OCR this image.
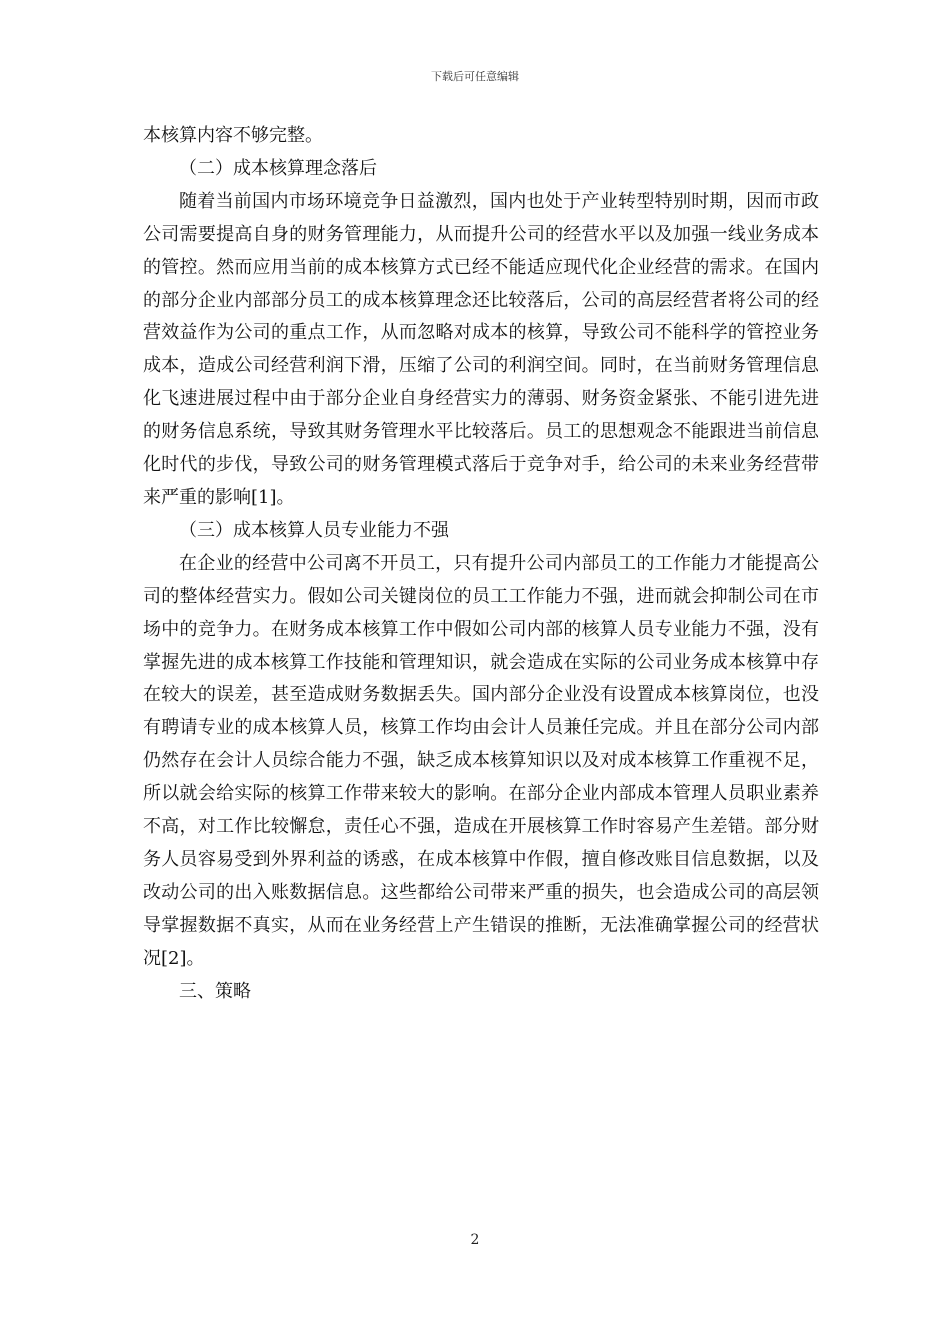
下载后可任意编辑

本核算内容不够完整。

（二）成本核算理念落后

随着当前国内市场环境竞争日益激烈，国内也处于产业转型特别时期，因而市政公司需要提高自身的财务管理能力，从而提升公司的经营水平以及加强一线业务成本的管控。然而应用当前的成本核算方式已经不能适应现代化企业经营的需求。在国内的部分企业内部部分员工的成本核算理念还比较落后，公司的高层经营者将公司的经营效益作为公司的重点工作，从而忽略对成本的核算，导致公司不能科学的管控业务成本，造成公司经营利润下滑，压缩了公司的利润空间。同时，在当前财务管理信息化飞速进展过程中由于部分企业自身经营实力的薄弱、财务资金紧张、不能引进先进的财务信息系统，导致其财务管理水平比较落后。员工的思想观念不能跟进当前信息化时代的步伐，导致公司的财务管理模式落后于竞争对手，给公司的未来业务经营带来严重的影响[1]。

（三）成本核算人员专业能力不强

在企业的经营中公司离不开员工，只有提升公司内部员工的工作能力才能提高公司的整体经营实力。假如公司关键岗位的员工工作能力不强，进而就会抑制公司在市场中的竞争力。在财务成本核算工作中假如公司内部的核算人员专业能力不强，没有掌握先进的成本核算工作技能和管理知识，就会造成在实际的公司业务成本核算中存在较大的误差，甚至造成财务数据丢失。国内部分企业没有设置成本核算岗位，也没有聘请专业的成本核算人员，核算工作均由会计人员兼任完成。并且在部分公司内部仍然存在会计人员综合能力不强，缺乏成本核算知识以及对成本核算工作重视不足，所以就会给实际的核算工作带来较大的影响。在部分企业内部成本管理人员职业素养不高，对工作比较懈怠，责任心不强，造成在开展核算工作时容易产生差错。部分财务人员容易受到外界利益的诱惑，在成本核算中作假，擅自修改账目信息数据，以及改动公司的出入账数据信息。这些都给公司带来严重的损失，也会造成公司的高层领导掌握数据不真实，从而在业务经营上产生错误的推断，无法准确掌握公司的经营状况[2]。

三、策略

2
